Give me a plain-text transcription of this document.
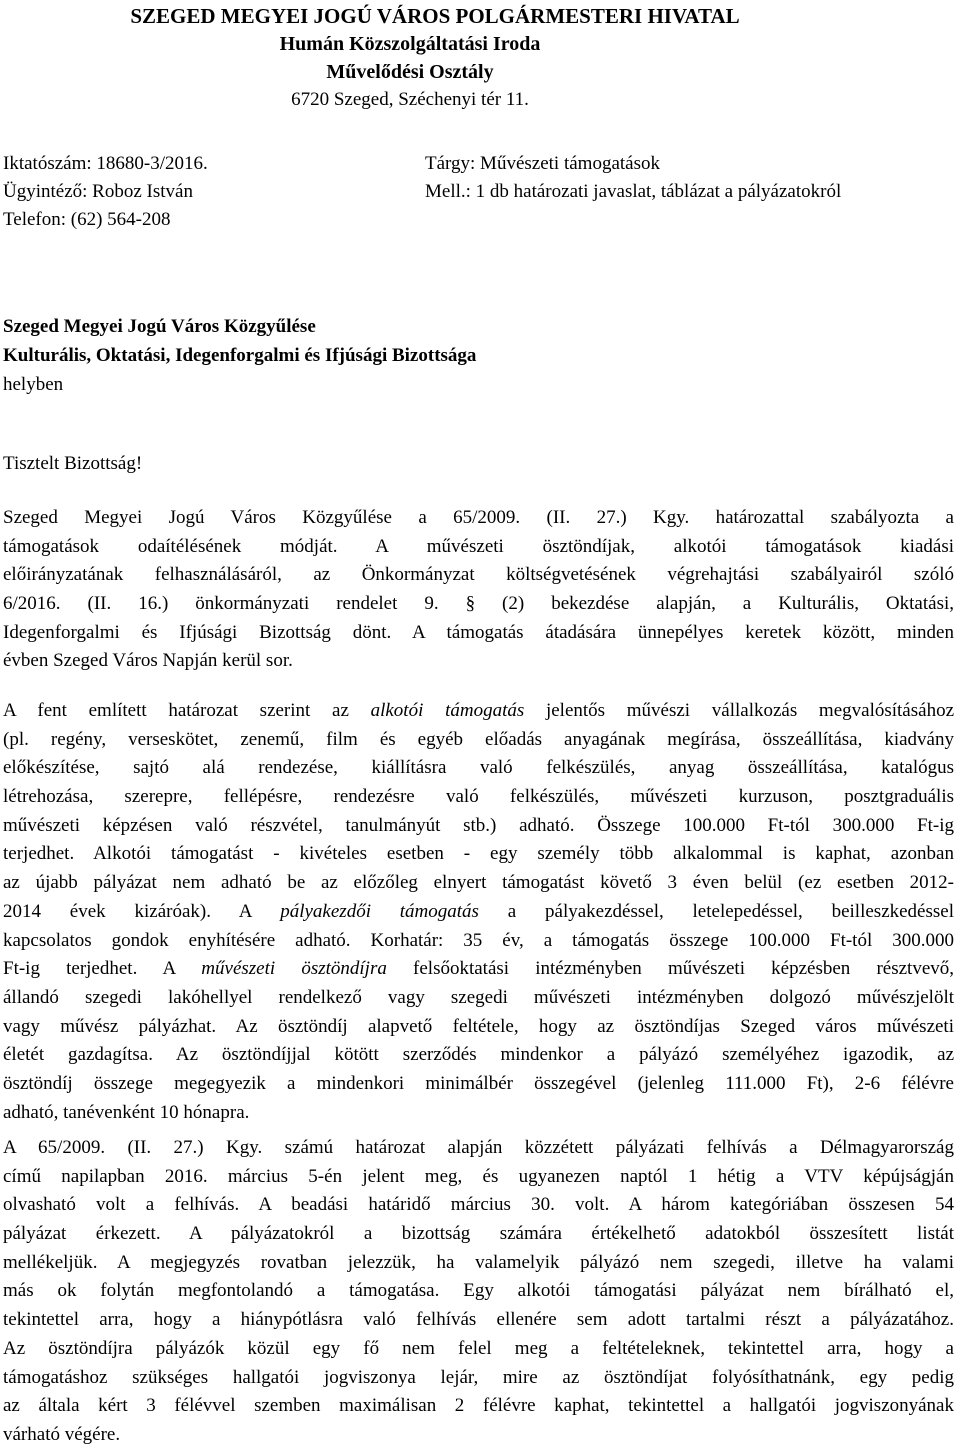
SZEGED MEGYEI JOGÚ VÁROS POLGÁRMESTERI HIVATAL
Humán Közszolgáltatási Iroda
Művelődési Osztály
6720 Szeged, Széchenyi tér 11.
Iktatószám: 18680-3/2016.
Ügyintéző: Roboz István
Telefon: (62) 564-208
Tárgy: Művészeti támogatások
Mell.: 1 db határozati javaslat, táblázat a pályázatokról
Szeged Megyei Jogú Város Közgyűlése
Kulturális, Oktatási, Idegenforgalmi és Ifjúsági Bizottsága
helyben
Tisztelt Bizottság!
Szeged Megyei Jogú Város Közgyűlése a 65/2009. (II. 27.) Kgy. határozattal szabályozta a
támogatások odaítélésének módját. A művészeti ösztöndíjak, alkotói támogatások kiadási
előirányzatának felhasználásáról, az Önkormányzat költségvetésének végrehajtási szabályairól szóló
6/2016. (II. 16.) önkormányzati rendelet 9. § (2) bekezdése alapján, a Kulturális, Oktatási,
Idegenforgalmi és Ifjúsági Bizottság dönt. A támogatás átadására ünnepélyes keretek között, minden
évben Szeged Város Napján kerül sor.
A fent említett határozat szerint az alkotói támogatás jelentős művészi vállalkozás megvalósításához
(pl. regény, verseskötet, zenemű, film és egyéb előadás anyagának megírása, összeállítása, kiadvány
előkészítése, sajtó alá rendezése, kiállításra való felkészülés, anyag összeállítása, katalógus
létrehozása, szerepre, fellépésre, rendezésre való felkészülés, művészeti kurzuson, posztgraduális
művészeti képzésen való részvétel, tanulmányút stb.) adható. Összege 100.000 Ft-tól 300.000 Ft-ig
terjedhet. Alkotói támogatást - kivételes esetben - egy személy több alkalommal is kaphat, azonban
az újabb pályázat nem adható be az előzőleg elnyert támogatást követő 3 éven belül (ez esetben 2012-
2014 évek kizáróak). A pályakezdői támogatás a pályakezdéssel, letelepedéssel, beilleszkedéssel
kapcsolatos gondok enyhítésére adható. Korhatár: 35 év, a támogatás összege 100.000 Ft-tól 300.000
Ft-ig terjedhet. A művészeti ösztöndíjra felsőoktatási intézményben művészeti képzésben résztvevő,
állandó szegedi lakóhellyel rendelkező vagy szegedi művészeti intézményben dolgozó művészjelölt
vagy művész pályázhat. Az ösztöndíj alapvető feltétele, hogy az ösztöndíjas Szeged város művészeti
életét gazdagítsa. Az ösztöndíjjal kötött szerződés mindenkor a pályázó személyéhez igazodik, az
ösztöndíj összege megegyezik a mindenkori minimálbér összegével (jelenleg 111.000 Ft), 2-6 félévre
adható, tanévenként 10 hónapra.
A 65/2009. (II. 27.) Kgy. számú határozat alapján közzétett pályázati felhívás a Délmagyarország
című napilapban 2016. március 5-én jelent meg, és ugyanezen naptól 1 hétig a VTV képújságján
olvasható volt a felhívás. A beadási határidő március 30. volt. A három kategóriában összesen 54
pályázat érkezett. A pályázatokról a bizottság számára értékelhető adatokból összesített listát
mellékeljük. A megjegyzés rovatban jelezzük, ha valamelyik pályázó nem szegedi, illetve ha valami
más ok folytán megfontolandó a támogatása. Egy alkotói támogatási pályázat nem bírálható el,
tekintettel arra, hogy a hiánypótlásra való felhívás ellenére sem adott tartalmi részt a pályázatához.
Az ösztöndíjra pályázók közül egy fő nem felel meg a feltételeknek, tekintettel arra, hogy a
támogatáshoz szükséges hallgatói jogviszonya lejár, mire az ösztöndíjat folyósíthatnánk, egy pedig
az általa kért 3 félévvel szemben maximálisan 2 félévre kaphat, tekintettel a hallgatói jogviszonyának
várható végére.
